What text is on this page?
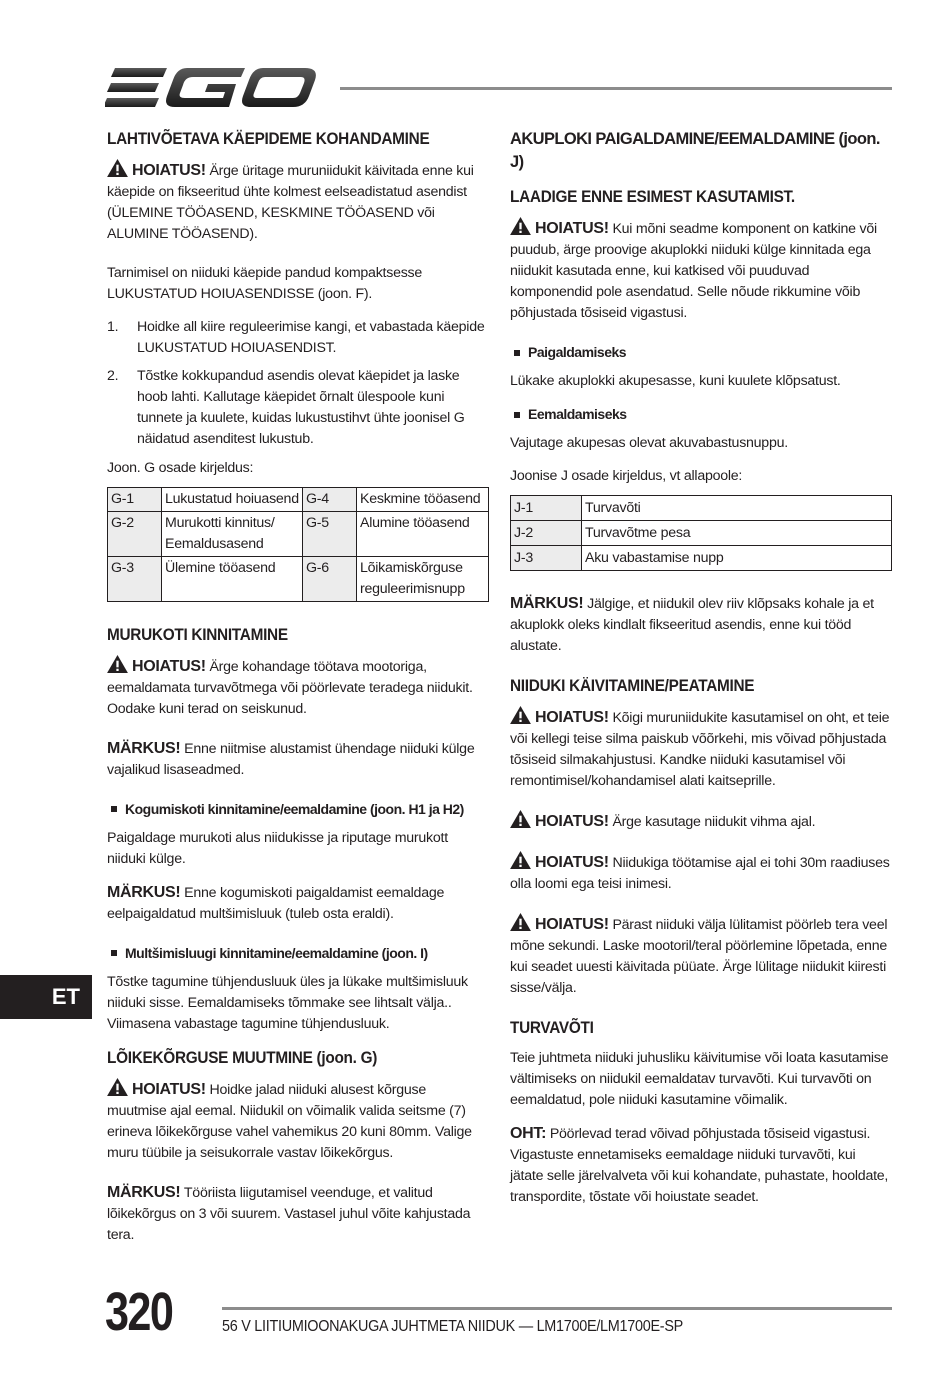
LAHTIVÕETAVA KÄEPIDEME KOHANDAMINE

HOIATUS! Ärge üritage muruniidukit käivitada enne kui käepide on fikseeritud ühte kolmest eelseadistatud asendist (ÜLEMINE TÖÖASEND, KESKMINE TÖÖASEND või ALUMINE TÖÖASEND).

Tarnimisel on niiduki käepide pandud kompaktsesse LUKUSTATUD HOIUASENDISSE (joon. F).

1. Hoidke all kiire reguleerimise kangi, et vabastada käepide LUKUSTATUD HOIUASENDIST.
2. Tõstke kokkupandud asendis olevat käepidet ja laske hoob lahti. Kallutage käepidet õrnalt ülespoole kuni tunnete ja kuulete, kuidas lukustustihvt ühte joonisel G näidatud asenditest lukustub.

Joon. G osade kirjeldus:

G-1	Lukustatud hoiuasend	G-4	Keskmine tööasend
G-2	Murukotti kinnitus/ Eemaldusasend	G-5	Alumine tööasend
G-3	Ülemine tööasend	G-6	Lõikamiskõrguse reguleerimisnupp
MURUKOTI KINNITAMINE

HOIATUS! Ärge kohandage töötava mootoriga, eemaldamata turvavõtmega või pöörlevate teradega niidukit. Oodake kuni terad on seiskunud.

MÄRKUS! Enne niitmise alustamist ühendage niiduki külge vajalikud lisaseadmed.

Kogumiskoti kinnitamine/eemaldamine (joon. H1 ja H2)

Paigaldage murukoti alus niidukisse ja riputage murukott niiduki külge.

MÄRKUS! Enne kogumiskoti paigaldamist eemaldage eelpaigaldatud multšimisluuk (tuleb osta eraldi).

Multšimisluugi kinnitamine/eemaldamine (joon. I)

Tõstke tagumine tühjendusluuk üles ja lükake multšimisluuk niiduki sisse. Eemaldamiseks tõmmake see lihtsalt välja.. Viimasena vabastage tagumine tühjendusluuk.

LÕIKEKÕRGUSE MUUTMINE (joon. G)

HOIATUS! Hoidke jalad niiduki alusest kõrguse muutmise ajal eemal. Niidukil on võimalik valida seitsme (7) erineva lõikekõrguse vahel vahemikus 20 kuni 80mm. Valige muru tüübile ja seisukorrale vastav lõikekõrgus.

MÄRKUS! Tööriista liigutamisel veenduge, et valitud lõikekõrgus on 3 või suurem. Vastasel juhul võite kahjustada tera.

AKUPLOKI PAIGALDAMINE/EEMALDAMINE (joon. J)
LAADIGE ENNE ESIMEST KASUTAMIST.

HOIATUS! Kui mõni seadme komponent on katkine või puudub, ärge proovige akuplokki niiduki külge kinnitada ega niidukit kasutada enne, kui katkised või puuduvad komponendid pole asendatud. Selle nõude rikkumine võib põhjustada tõsiseid vigastusi.

Paigaldamiseks

Lükake akuplokki akupesasse, kuni kuulete klõpsatust.

Eemaldamiseks

Vajutage akupesas olevat akuvabastusnuppu.

Joonise J osade kirjeldus, vt allapoole:

J-1	Turvavõti
J-2	Turvavõtme pesa
J-3	Aku vabastamise nupp

MÄRKUS! Jälgige, et niidukil olev riiv klõpsaks kohale ja et akuplokk oleks kindlalt fikseeritud asendis, enne kui tööd alustate.

NIIDUKI KÄIVITAMINE/PEATAMINE

HOIATUS! Kõigi muruniidukite kasutamisel on oht, et teie või kellegi teise silma paiskub võõrkehi, mis võivad põhjustada tõsiseid silmakahjustusi. Kandke niiduki kasutamisel või remontimisel/kohandamisel alati kaitseprille.

HOIATUS! Ärge kasutage niidukit vihma ajal.

HOIATUS! Niidukiga töötamise ajal ei tohi 30m raadiuses olla loomi ega teisi inimesi.

HOIATUS! Pärast niiduki välja lülitamist pöörleb tera veel mõne sekundi. Laske mootoril/teral pöörlemine lõpetada, enne kui seadet uuesti käivitada püüate. Ärge lülitage niidukit kiiresti sisse/välja.

TURVAVÕTI

Teie juhtmeta niiduki juhusliku käivitumise või loata kasutamise vältimiseks on niidukil eemaldatav turvavõti. Kui turvavõti on eemaldatud, pole niiduki kasutamine võimalik.

OHT: Pöörlevad terad võivad põhjustada tõsiseid vigastusi. Vigastuste ennetamiseks eemaldage niiduki turvavõti, kui jätate selle järelvalveta või kui kohandate, puhastate, hooldate, transpordite, tõstate või hoiustate seadet.

ET
320	56 V LIITIUMIOONAKUGA JUHTMETA NIIDUK — LM1700E/LM1700E-SP
